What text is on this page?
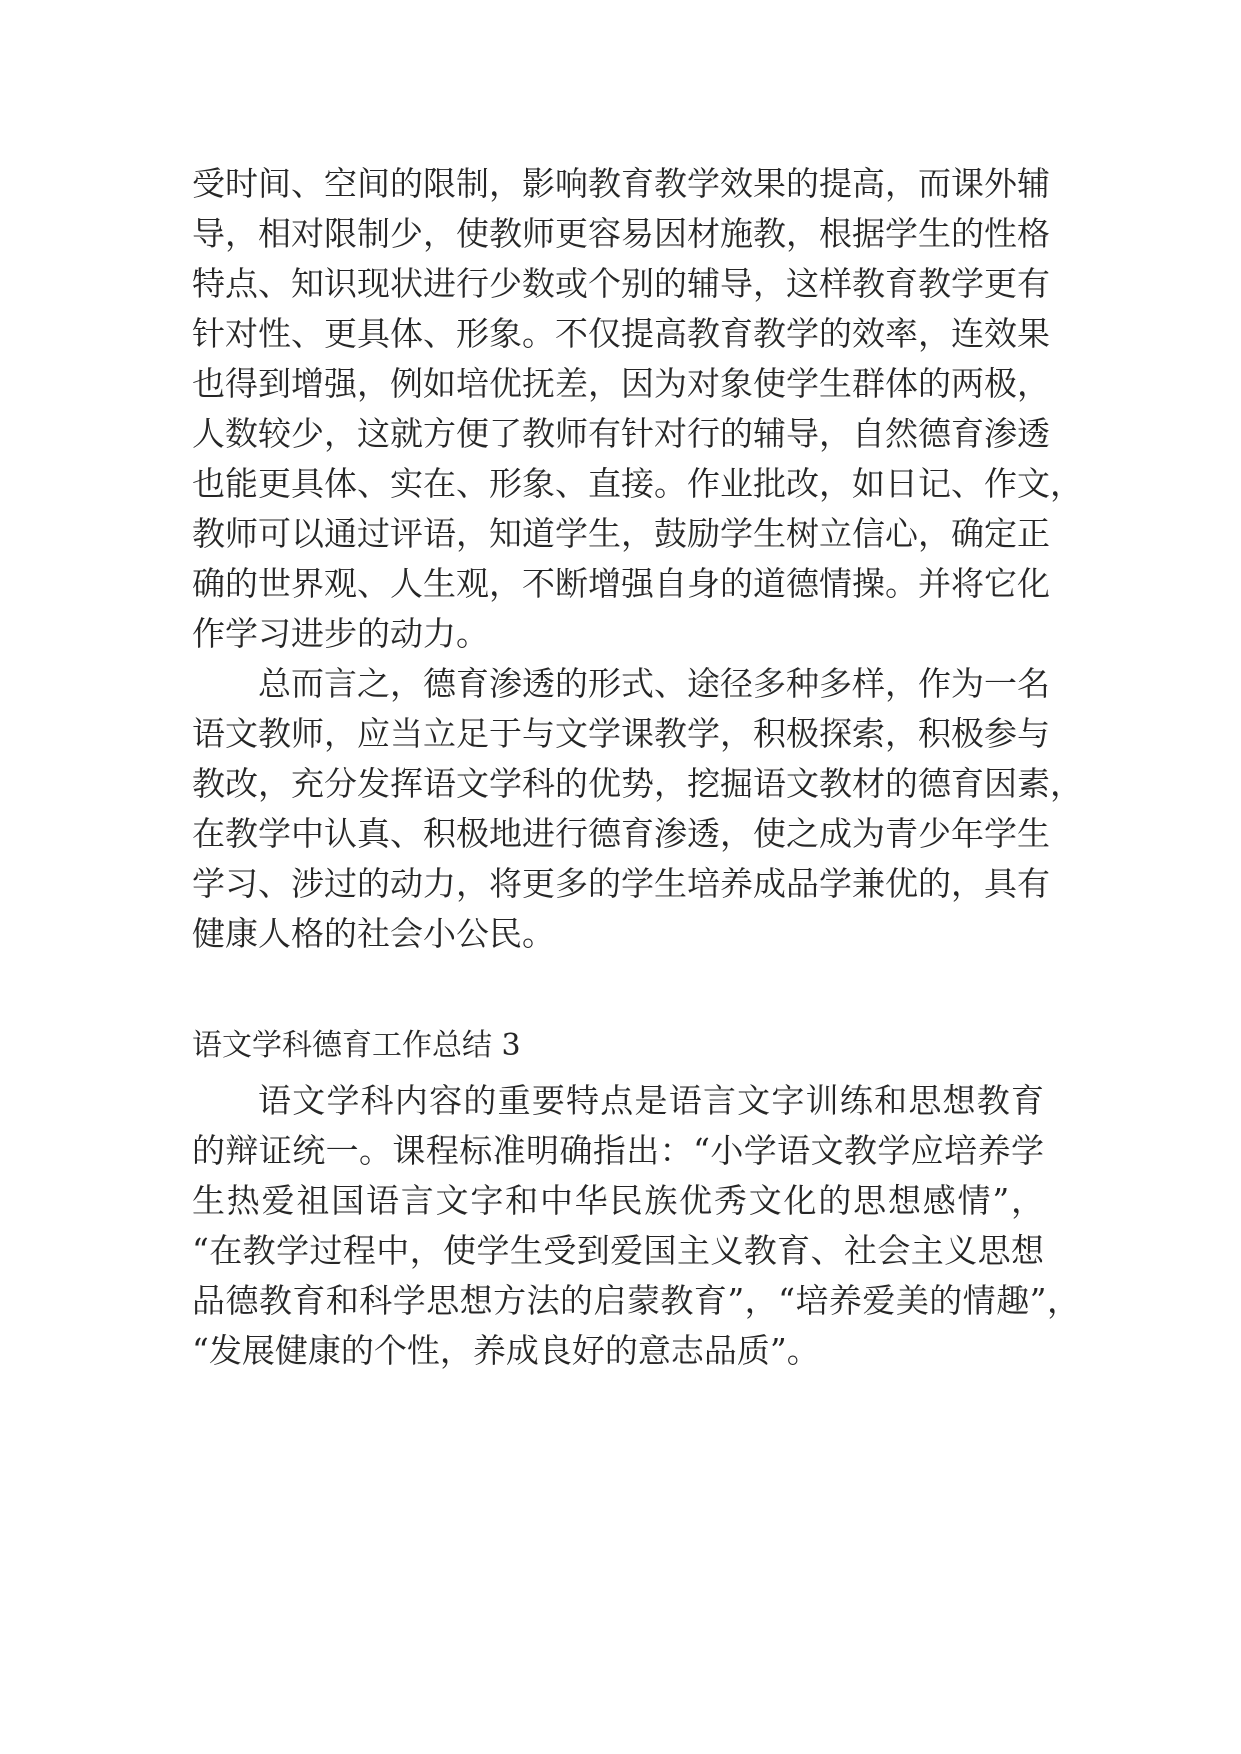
受时间、空间的限制，影响教育教学效果的提高，而课外辅

导，相对限制少，使教师更容易因材施教，根据学生的性格

特点、知识现状进行少数或个别的辅导，这样教育教学更有

针对性、更具体、形象。不仅提高教育教学的效率，连效果

也得到增强，例如培优抚差，因为对象使学生群体的两极，

人数较少，这就方便了教师有针对行的辅导，自然德育渗透

也能更具体、实在、形象、直接。作业批改，如日记、作文，

教师可以通过评语，知道学生，鼓励学生树立信心，确定正

确的世界观、人生观，不断增强自身的道德情操。并将它化

作学习进步的动力。

总而言之，德育渗透的形式、途径多种多样，作为一名

语文教师，应当立足于与文学课教学，积极探索，积极参与

教改，充分发挥语文学科的优势，挖掘语文教材的德育因素，

在教学中认真、积极地进行德育渗透，使之成为青少年学生

学习、涉过的动力，将更多的学生培养成品学兼优的，具有

健康人格的社会小公民。

语文学科德育工作总结 3

语文学科内容的重要特点是语言文字训练和思想教育

的辩证统一。课程标准明确指出：“小学语文教学应培养学

生热爱祖国语言文字和中华民族优秀文化的思想感情”，

“在教学过程中，使学生受到爱国主义教育、社会主义思想

品德教育和科学思想方法的启蒙教育”，“培养爱美的情趣”，

“发展健康的个性，养成良好的意志品质”。
